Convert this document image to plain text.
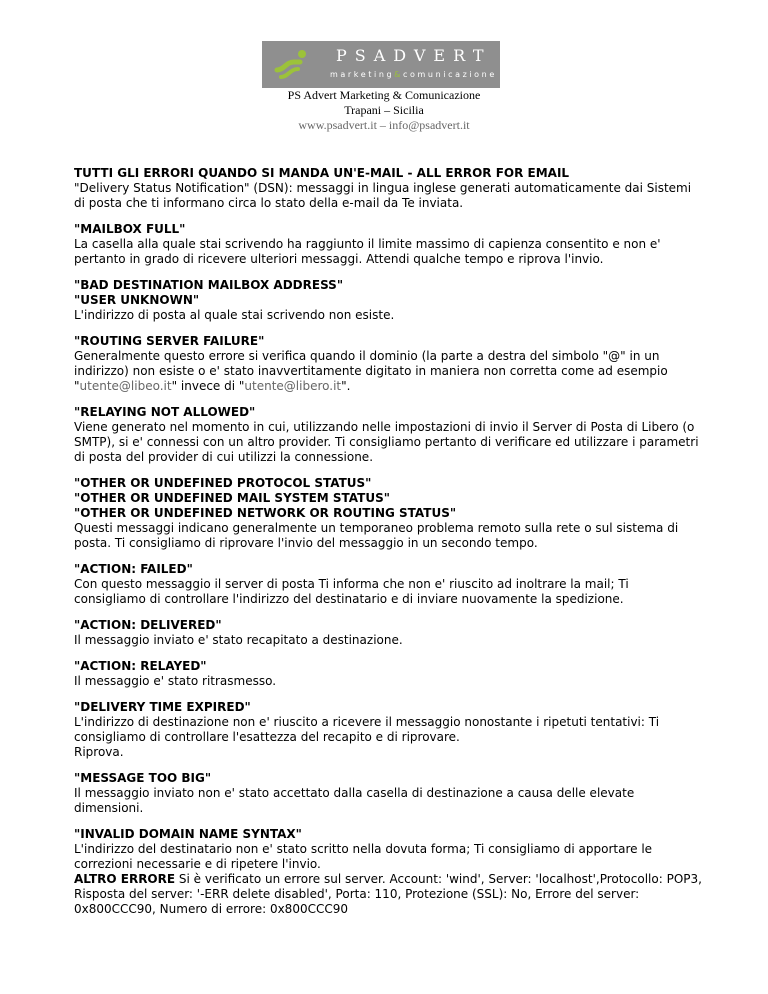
PSADVERT
marketing&comunicazione
PS Advert Marketing & Comunicazione
Trapani – Sicilia
www.psadvert.it – info@psadvert.it

TUTTI GLI ERRORI QUANDO SI MANDA UN'E-MAIL - ALL ERROR FOR EMAIL
"Delivery Status Notification" (DSN): messaggi in lingua inglese generati automaticamente dai Sistemi di posta che ti informano circa lo stato della e-mail da Te inviata.

"MAILBOX FULL"
La casella alla quale stai scrivendo ha raggiunto il limite massimo di capienza consentito e non e' pertanto in grado di ricevere ulteriori messaggi. Attendi qualche tempo e riprova l'invio.

"BAD DESTINATION MAILBOX ADDRESS"
"USER UNKNOWN"
L'indirizzo di posta al quale stai scrivendo non esiste.

"ROUTING SERVER FAILURE"
Generalmente questo errore si verifica quando il dominio (la parte a destra del simbolo "@" in un indirizzo) non esiste o e' stato inavvertitamente digitato in maniera non corretta come ad esempio "utente@libeo.it" invece di "utente@libero.it".

"RELAYING NOT ALLOWED"
Viene generato nel momento in cui, utilizzando nelle impostazioni di invio il Server di Posta di Libero (o SMTP), si e' connessi con un altro provider. Ti consigliamo pertanto di verificare ed utilizzare i parametri di posta del provider di cui utilizzi la connessione.

"OTHER OR UNDEFINED PROTOCOL STATUS"
"OTHER OR UNDEFINED MAIL SYSTEM STATUS"
"OTHER OR UNDEFINED NETWORK OR ROUTING STATUS"
Questi messaggi indicano generalmente un temporaneo problema remoto sulla rete o sul sistema di posta. Ti consigliamo di riprovare l'invio del messaggio in un secondo tempo.

"ACTION: FAILED"
Con questo messaggio il server di posta Ti informa che non e' riuscito ad inoltrare la mail; Ti consigliamo di controllare l'indirizzo del destinatario e di inviare nuovamente la spedizione.

"ACTION: DELIVERED"
Il messaggio inviato e' stato recapitato a destinazione.

"ACTION: RELAYED"
Il messaggio e' stato ritrasmesso.

"DELIVERY TIME EXPIRED"
L'indirizzo di destinazione non e' riuscito a ricevere il messaggio nonostante i ripetuti tentativi: Ti consigliamo di controllare l'esattezza del recapito e di riprovare.
Riprova.

"MESSAGE TOO BIG"
Il messaggio inviato non e' stato accettato dalla casella di destinazione a causa delle elevate dimensioni.

"INVALID DOMAIN NAME SYNTAX"
L'indirizzo del destinatario non e' stato scritto nella dovuta forma; Ti consigliamo di apportare le correzioni necessarie e di ripetere l'invio.
ALTRO ERRORE Si è verificato un errore sul server. Account: 'wind', Server: 'localhost',Protocollo: POP3, Risposta del server: '-ERR delete disabled', Porta: 110, Protezione (SSL): No, Errore del server: 0x800CCC90, Numero di errore: 0x800CCC90
